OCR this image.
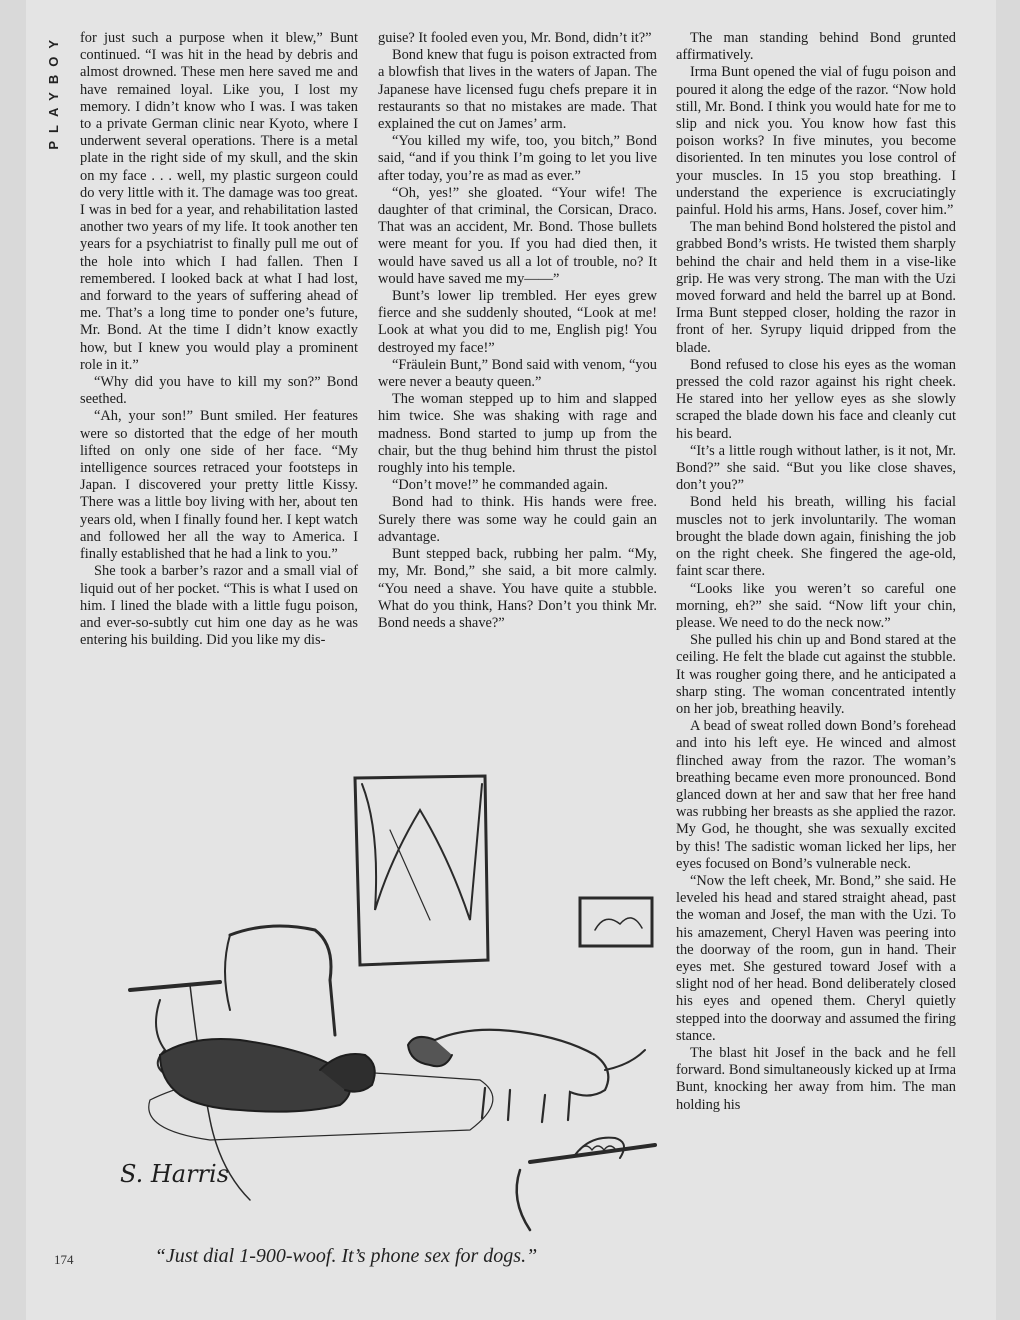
PLAYBOY	for just such a purpose when it blew,” Bunt continued. “I was hit in the head by debris and almost drowned. These men here saved me and have remained loyal. Like you, I lost my memory. I didn’t know who I was. I was taken to a private German clinic near Kyoto, where I underwent several operations. There is a metal plate in the right side of my skull, and the skin on my face . . . well, my plastic surgeon could do very little with it. The damage was too great. I was in bed for a year, and rehabilitation lasted another two years of my life. It took another ten years for a psychiatrist to finally pull me out of the hole into which I had fallen. Then I remembered. I looked back at what I had lost, and forward to the years of suffering ahead of me. That’s a long time to ponder one’s future, Mr. Bond. At the time I didn’t know exactly how, but I knew you would play a prominent role in it.”

“Why did you have to kill my son?” Bond seethed.

“Ah, your son!” Bunt smiled. Her features were so distorted that the edge of her mouth lifted on only one side of her face. “My intelligence sources retraced your footsteps in Japan. I discovered your pretty little Kissy. There was a little boy living with her, about ten years old, when I finally found her. I kept watch and followed her all the way to America. I finally established that he had a link to you.”

She took a barber’s razor and a small vial of liquid out of her pocket. “This is what I used on him. I lined the blade with a little fugu poison, and ever-so-subtly cut him one day as he was entering his building. Did you like my dis-

guise? It fooled even you, Mr. Bond, didn’t it?”

Bond knew that fugu is poison extracted from a blowfish that lives in the waters of Japan. The Japanese have licensed fugu chefs prepare it in restaurants so that no mistakes are made. That explained the cut on James’ arm.

“You killed my wife, too, you bitch,” Bond said, “and if you think I’m going to let you live after today, you’re as mad as ever.”

“Oh, yes!” she gloated. “Your wife! The daughter of that criminal, the Corsican, Draco. That was an accident, Mr. Bond. Those bullets were meant for you. If you had died then, it would have saved us all a lot of trouble, no? It would have saved me my——”

Bunt’s lower lip trembled. Her eyes grew fierce and she suddenly shouted, “Look at me! Look at what you did to me, English pig! You destroyed my face!”

“Fräulein Bunt,” Bond said with venom, “you were never a beauty queen.”

The woman stepped up to him and slapped him twice. She was shaking with rage and madness. Bond started to jump up from the chair, but the thug behind him thrust the pistol roughly into his temple.

“Don’t move!” he commanded again.

Bond had to think. His hands were free. Surely there was some way he could gain an advantage.

Bunt stepped back, rubbing her palm. “My, my, Mr. Bond,” she said, a bit more calmly. “You need a shave. You have quite a stubble. What do you think, Hans? Don’t you think Mr. Bond needs a shave?”

The man standing behind Bond grunted affirmatively.

Irma Bunt opened the vial of fugu poison and poured it along the edge of the razor. “Now hold still, Mr. Bond. I think you would hate for me to slip and nick you. You know how fast this poison works? In five minutes, you become disoriented. In ten minutes you lose control of your muscles. In 15 you stop breathing. I understand the experience is excruciatingly painful. Hold his arms, Hans. Josef, cover him.”

The man behind Bond holstered the pistol and grabbed Bond’s wrists. He twisted them sharply behind the chair and held them in a vise-like grip. He was very strong. The man with the Uzi moved forward and held the barrel up at Bond. Irma Bunt stepped closer, holding the razor in front of her. Syrupy liquid dripped from the blade.

Bond refused to close his eyes as the woman pressed the cold razor against his right cheek. He stared into her yellow eyes as she slowly scraped the blade down his face and cleanly cut his beard.

“It’s a little rough without lather, is it not, Mr. Bond?” she said. “But you like close shaves, don’t you?”

Bond held his breath, willing his facial muscles not to jerk involuntarily. The woman brought the blade down again, finishing the job on the right cheek. She fingered the age-old, faint scar there.

“Looks like you weren’t so careful one morning, eh?” she said. “Now lift your chin, please. We need to do the neck now.”

She pulled his chin up and Bond stared at the ceiling. He felt the blade cut against the stubble. It was rougher going there, and he anticipated a sharp sting. The woman concentrated intently on her job, breathing heavily.

A bead of sweat rolled down Bond’s forehead and into his left eye. He winced and almost flinched away from the razor. The woman’s breathing became even more pronounced. Bond glanced down at her and saw that her free hand was rubbing her breasts as she applied the razor. My God, he thought, she was sexually excited by this! The sadistic woman licked her lips, her eyes focused on Bond’s vulnerable neck.

“Now the left cheek, Mr. Bond,” she said. He leveled his head and stared straight ahead, past the woman and Josef, the man with the Uzi. To his amazement, Cheryl Haven was peering into the doorway of the room, gun in hand. Their eyes met. She gestured toward Josef with a slight nod of her head. Bond deliberately closed his eyes and opened them. Cheryl quietly stepped into the doorway and assumed the firing stance.

The blast hit Josef in the back and he fell forward. Bond simultaneously kicked up at Irma Bunt, knocking her away from him. The man holding his

S. Harris
“Just dial 1-900-woof. It’s phone sex for dogs.”
174
